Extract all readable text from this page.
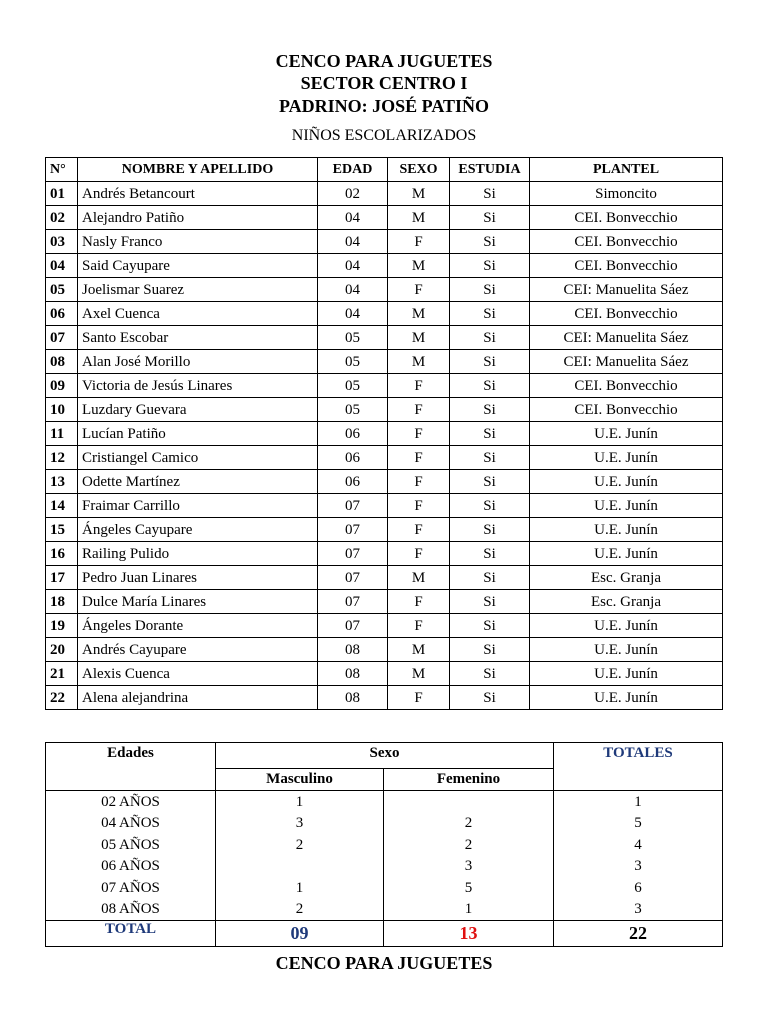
CENCO PARA JUGUETES
SECTOR CENTRO I
PADRINO: JOSÉ PATIÑO
NIÑOS ESCOLARIZADOS
N°	NOMBRE Y APELLIDO	EDAD	SEXO	ESTUDIA	PLANTEL
01	Andrés Betancourt	02	M	Si	Simoncito
02	Alejandro Patiño	04	M	Si	CEI. Bonvecchio
03	Nasly Franco	04	F	Si	CEI. Bonvecchio
04	Said Cayupare	04	M	Si	CEI. Bonvecchio
05	Joelismar Suarez	04	F	Si	CEI: Manuelita Sáez
06	Axel Cuenca	04	M	Si	CEI. Bonvecchio
07	Santo Escobar	05	M	Si	CEI: Manuelita Sáez
08	Alan José Morillo	05	M	Si	CEI: Manuelita Sáez
09	Victoria de Jesús Linares	05	F	Si	CEI. Bonvecchio
10	Luzdary Guevara	05	F	Si	CEI. Bonvecchio
11	Lucían Patiño	06	F	Si	U.E. Junín
12	Cristiangel Camico	06	F	Si	U.E. Junín
13	Odette Martínez	06	F	Si	U.E. Junín
14	Fraimar Carrillo	07	F	Si	U.E. Junín
15	Ángeles Cayupare	07	F	Si	U.E. Junín
16	Railing Pulido	07	F	Si	U.E. Junín
17	Pedro Juan Linares	07	M	Si	Esc. Granja
18	Dulce María Linares	07	F	Si	Esc. Granja
19	Ángeles Dorante	07	F	Si	U.E. Junín
20	Andrés Cayupare	08	M	Si	U.E. Junín
21	Alexis Cuenca	08	M	Si	U.E. Junín
22	Alena alejandrina	08	F	Si	U.E. Junín
Edades	Sexo		TOTALES
	Masculino	Femenino	
02 AÑOS	1		1
04 AÑOS	3	2	5
05 AÑOS	2	2	4
06 AÑOS		3	3
07 AÑOS	1	5	6
08 AÑOS	2	1	3
TOTAL	09	13	22
CENCO PARA JUGUETES
